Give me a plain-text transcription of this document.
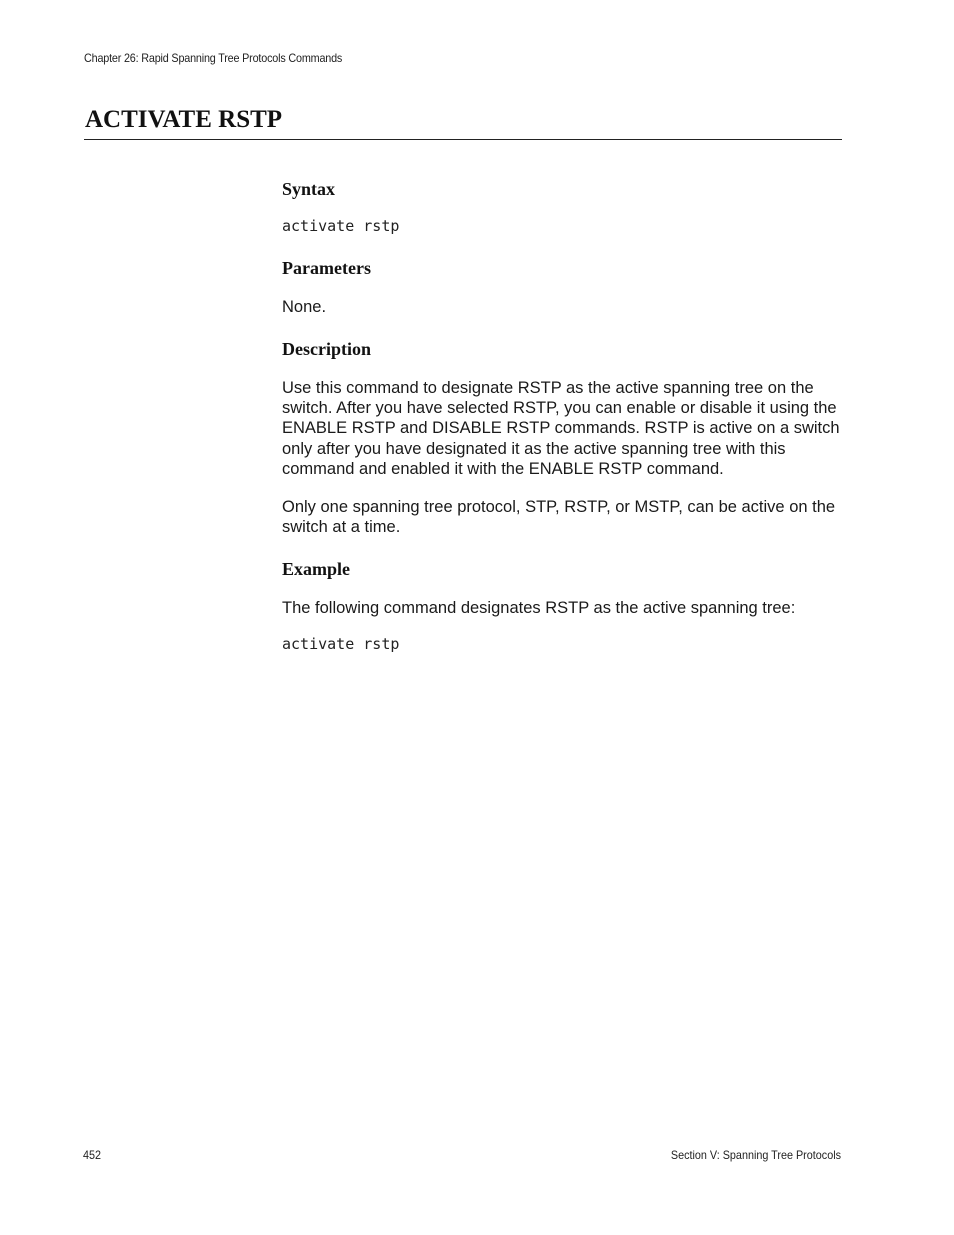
Chapter 26: Rapid Spanning Tree Protocols Commands
ACTIVATE RSTP
Syntax
activate rstp
Parameters

None.

Description

Use this command to designate RSTP as the active spanning tree on the switch. After you have selected RSTP, you can enable or disable it using the ENABLE RSTP and DISABLE RSTP commands. RSTP is active on a switch only after you have designated it as the active spanning tree with this command and enabled it with the ENABLE RSTP command.

Only one spanning tree protocol, STP, RSTP, or MSTP, can be active on the switch at a time.

Example

The following command designates RSTP as the active spanning tree:

activate rstp
452	Section V: Spanning Tree Protocols
